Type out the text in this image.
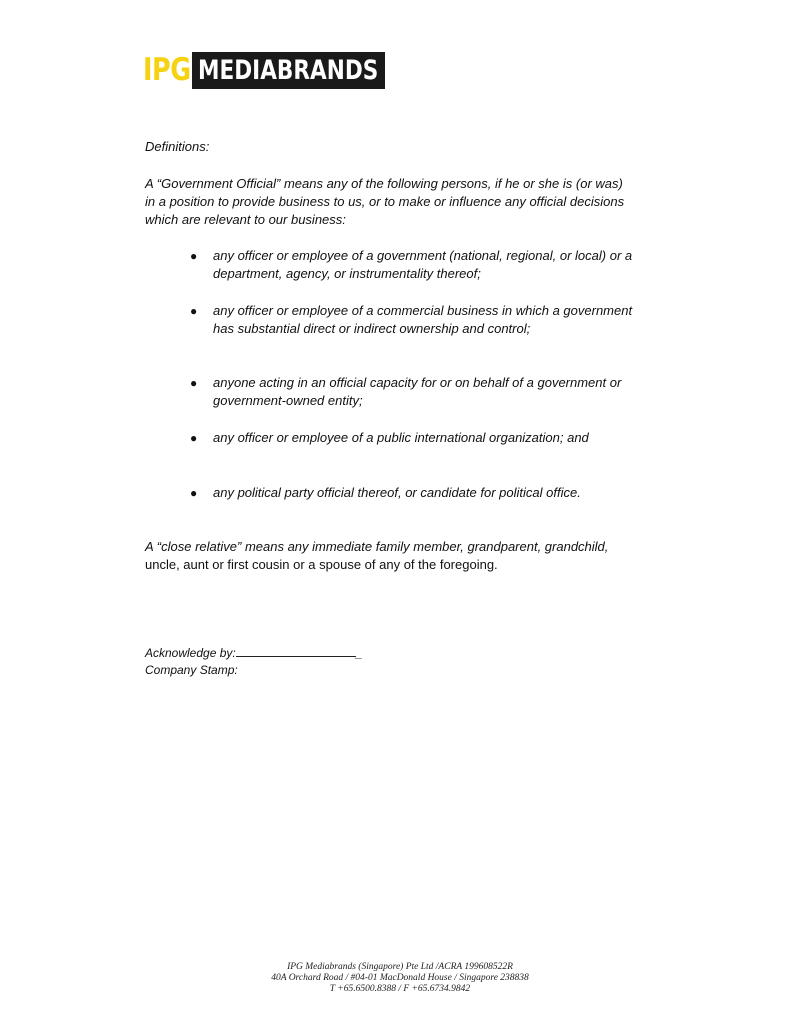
IPG MEDIABRANDS
Definitions:
A “Government Official” means any of the following persons, if he or she is (or was)
in a position to provide business to us, or to make or influence any official decisions
which are relevant to our business:
● any officer or employee of a government (national, regional, or local) or a
department, agency, or instrumentality thereof;
● any officer or employee of a commercial business in which a government
has substantial direct or indirect ownership and control;
● anyone acting in an official capacity for or on behalf of a government or
government-owned entity;
● any officer or employee of a public international organization; and
● any political party official thereof, or candidate for political office.
A “close relative” means any immediate family member, grandparent, grandchild,
uncle, aunt or first cousin or a spouse of any of the foregoing.
Acknowledge by:	_
Company Stamp:
IPG Mediabrands (Singapore) Pte Ltd /ACRA 199608522R
40A Orchard Road / #04-01 MacDonald House / Singapore 238838
T +65.6500.8388 / F +65.6734.9842
